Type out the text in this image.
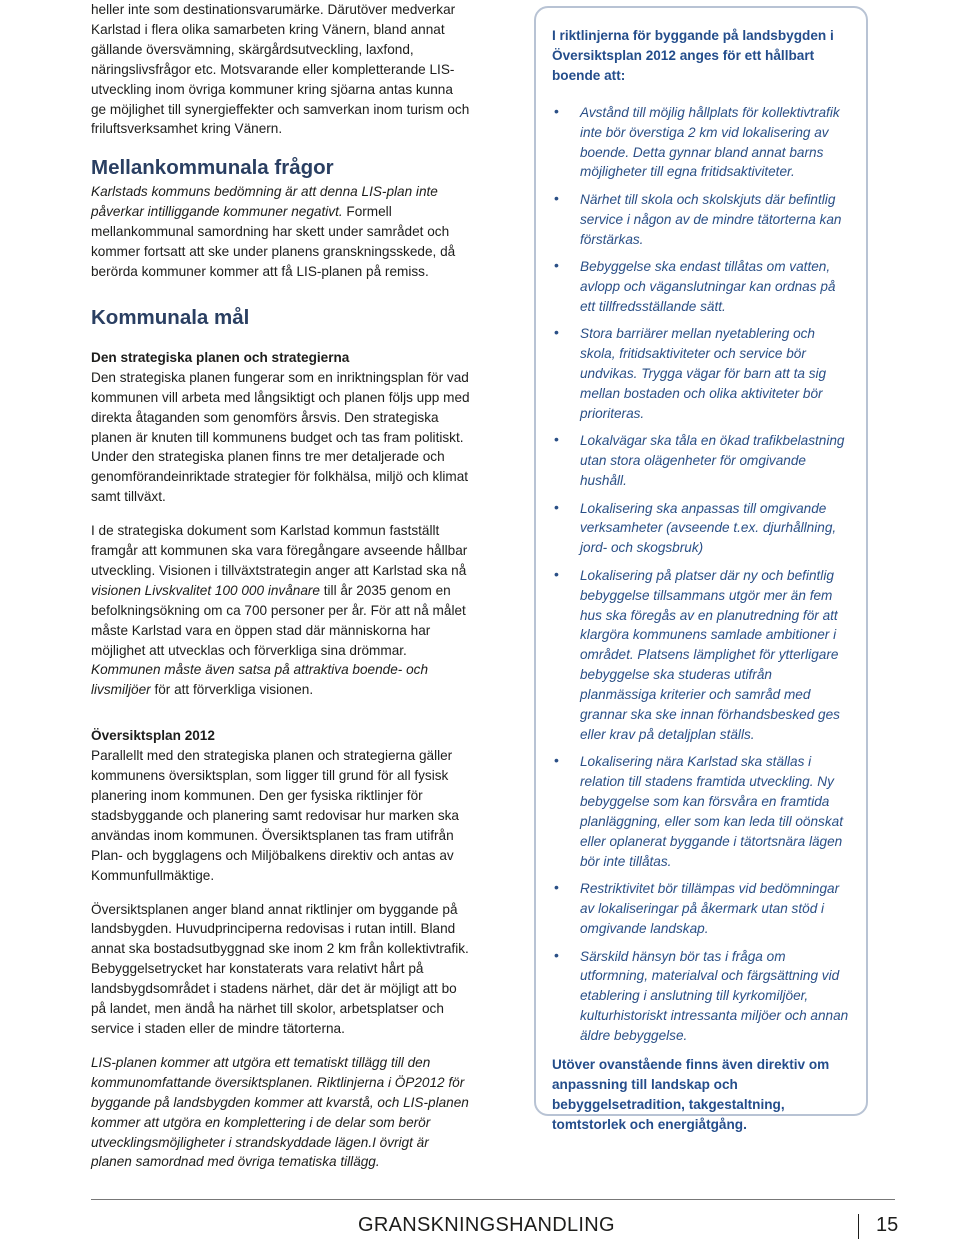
heller inte som destinationsvarumärke. Därutöver medverkar Karlstad i flera olika samarbeten kring Vänern, bland annat gällande översvämning, skärgårdsutveckling, laxfond, näringslivsfrågor etc. Motsvarande eller kompletterande LIS-utveckling inom övriga kommuner kring sjöarna antas kunna ge möjlighet till synergieffekter och samverkan inom turism och friluftsverksamhet kring Vänern.

Mellankommunala frågor

Karlstads kommuns bedömning är att denna LIS-plan inte påverkar intilliggande kommuner negativt. Formell mellankommunal samordning har skett under samrådet och kommer fortsatt att ske under planens granskningsskede, då berörda kommuner kommer att få LIS-planen på remiss.

Kommunala mål

Den strategiska planen och strategierna

Den strategiska planen fungerar som en inriktningsplan för vad kommunen vill arbeta med långsiktigt och planen följs upp med direkta åtaganden som genomförs årsvis. Den strategiska planen är knuten till kommunens budget och tas fram politiskt. Under den strategiska planen finns tre mer detaljerade och genomförandeinriktade strategier för folkhälsa, miljö och klimat samt tillväxt.

I de strategiska dokument som Karlstad kommun fastställt framgår att kommunen ska vara föregångare avseende hållbar utveckling. Visionen i tillväxtstrategin anger att Karlstad ska nå visionen Livskvalitet 100 000 invånare till år 2035 genom en befolkningsökning om ca 700 personer per år. För att nå målet måste Karlstad vara en öppen stad där människorna har möjlighet att utvecklas och förverkliga sina drömmar. Kommunen måste även satsa på attraktiva boende- och livsmiljöer för att förverkliga visionen.

Översiktsplan 2012

Parallellt med den strategiska planen och strategierna gäller kommunens översiktsplan, som ligger till grund för all fysisk planering inom kommunen. Den ger fysiska riktlinjer för stadsbyggande och planering samt redovisar hur marken ska användas inom kommunen. Översiktsplanen tas fram utifrån Plan- och bygglagens och Miljöbalkens direktiv och antas av Kommunfullmäktige.

Översiktsplanen anger bland annat riktlinjer om byggande på landsbygden. Huvudprinciperna redovisas i rutan intill. Bland annat ska bostadsutbyggnad ske inom 2 km från kollektivtrafik. Bebyggelsetrycket har konstaterats vara relativt hårt på landsbygdsområdet i stadens närhet, där det är möjligt att bo på landet, men ändå ha närhet till skolor, arbetsplatser och service i staden eller de mindre tätorterna.

LIS-planen kommer att utgöra ett tematiskt tillägg till den kommunomfattande översiktsplanen. Riktlinjerna i ÖP2012 för byggande på landsbygden kommer att kvarstå, och LIS-planen kommer att utgöra en komplettering i de delar som berör utvecklingsmöjligheter i strandskyddade lägen.I övrigt är planen samordnad med övriga tematiska tillägg.

I riktlinjerna för byggande på landsbygden i Översiktsplan 2012 anges för ett hållbart boende att:

• Avstånd till möjlig hållplats för kollektivtrafik inte bör överstiga 2 km vid lokalisering av boende. Detta gynnar bland annat barns möjligheter till egna fritidsaktiviteter.
• Närhet till skola och skolskjuts där befintlig service i någon av de mindre tätorterna kan förstärkas.
• Bebyggelse ska endast tillåtas om vatten, avlopp och väganslutningar kan ordnas på ett tillfredsställande sätt.
• Stora barriärer mellan nyetablering och skola, fritidsaktiviteter och service bör undvikas. Trygga vägar för barn att ta sig mellan bostaden och olika aktiviteter bör prioriteras.
• Lokalvägar ska tåla en ökad trafikbelastning utan stora olägenheter för omgivande hushåll.
• Lokalisering ska anpassas till omgivande verksamheter (avseende t.ex. djurhållning, jord- och skogsbruk)
• Lokalisering på platser där ny och befintlig bebyggelse tillsammans utgör mer än fem hus ska föregås av en planutredning för att klargöra kommunens samlade ambitioner i området. Platsens lämplighet för ytterligare bebyggelse ska studeras utifrån planmässiga kriterier och samråd med grannar ska ske innan förhandsbesked ges eller krav på detaljplan ställs.
• Lokalisering nära Karlstad ska ställas i relation till stadens framtida utveckling. Ny bebyggelse som kan försvåra en framtida planläggning, eller som kan leda till oönskat eller oplanerat byggande i tätortsnära lägen bör inte tillåtas.
• Restriktivitet bör tillämpas vid bedömningar av lokaliseringar på åkermark utan stöd i omgivande landskap.
• Särskild hänsyn bör tas i fråga om utformning, materialval och färgsättning vid etablering i anslutning till kyrkomiljöer, kulturhistoriskt intressanta miljöer och annan äldre bebyggelse.

Utöver ovanstående finns även direktiv om anpassning till landskap och bebyggelsetradition, takgestaltning, tomtstorlek och energiåtgång.

GRANSKNINGSHANDLING	15
